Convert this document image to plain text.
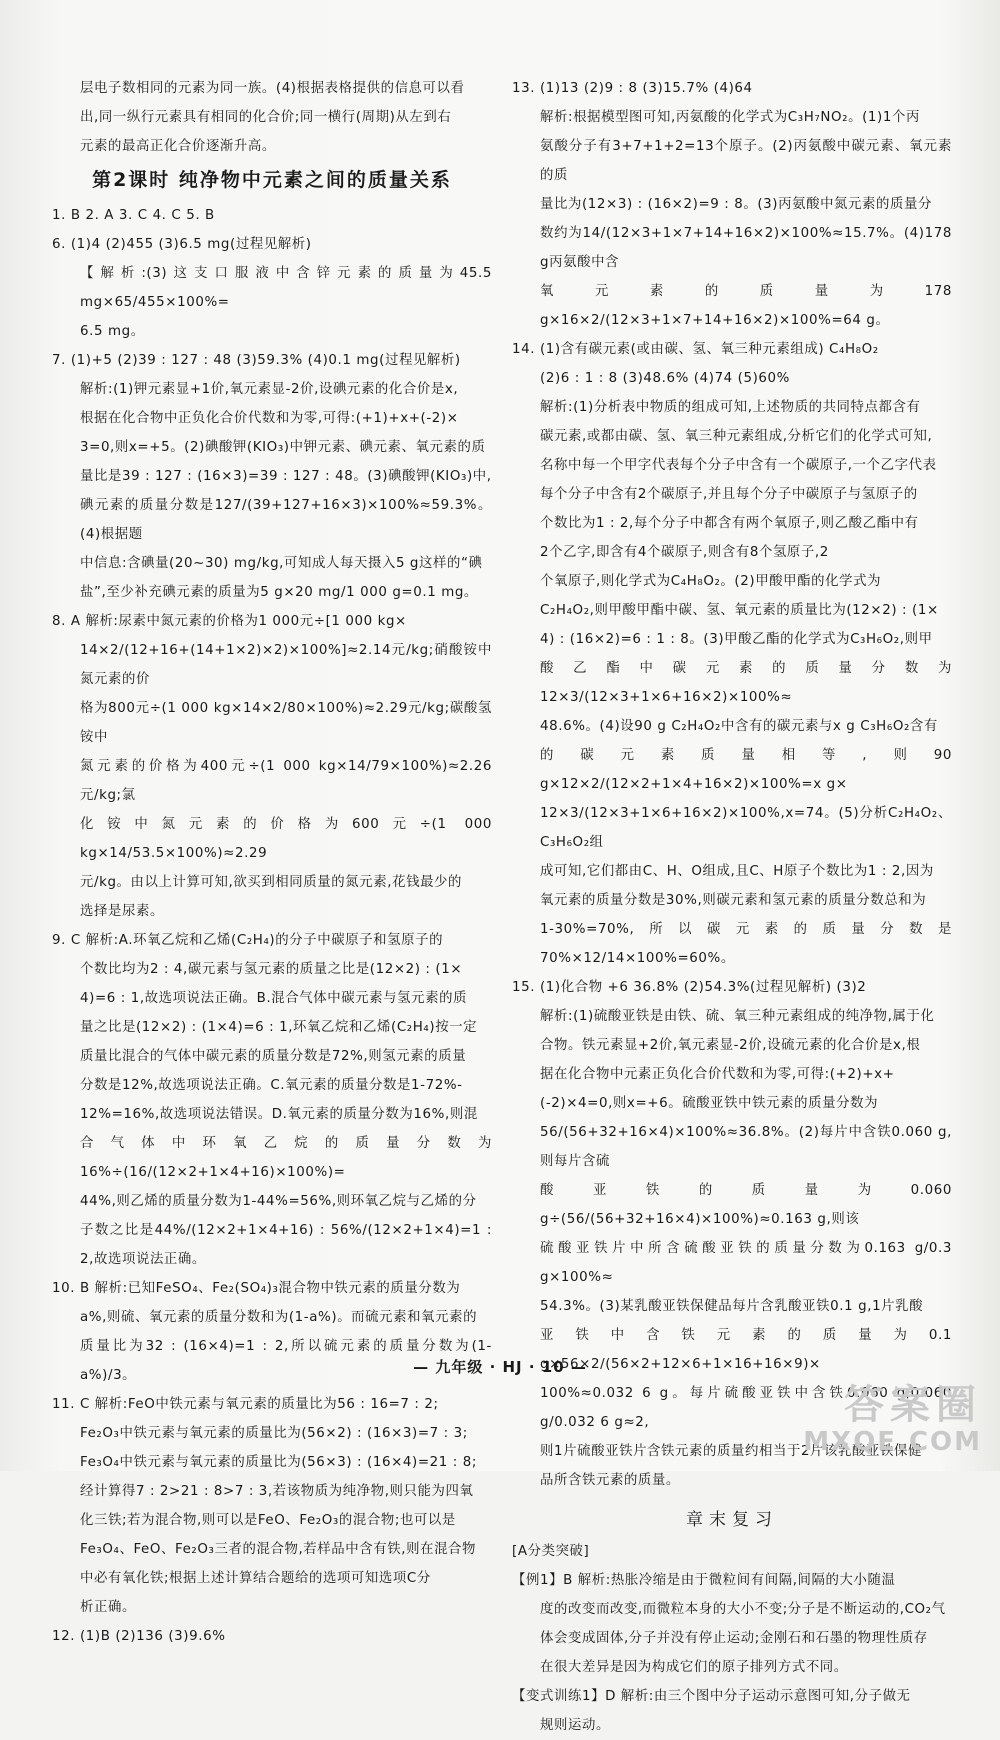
层电子数相同的元素为同一族。(4)根据表格提供的信息可以看
出,同一纵行元素具有相同的化合价;同一横行(周期)从左到右
元素的最高正化合价逐渐升高。
第2课时 纯净物中元素之间的质量关系
1. B 2. A 3. C 4. C 5. B
6. (1)4 (2)455 (3)6.5 mg(过程见解析)
【解析:(3)这支口服液中含锌元素的质量为45.5 mg×65/455×100%=
6.5 mg。
7. (1)+5 (2)39 : 127 : 48 (3)59.3% (4)0.1 mg(过程见解析)
解析:(1)钾元素显+1价,氧元素显-2价,设碘元素的化合价是x,
根据在化合物中正负化合价代数和为零,可得:(+1)+x+(-2)×
3=0,则x=+5。(2)碘酸钾(KIO₃)中钾元素、碘元素、氧元素的质
量比是39 : 127 : (16×3)=39 : 127 : 48。(3)碘酸钾(KIO₃)中,
碘元素的质量分数是127/(39+127+16×3)×100%≈59.3%。(4)根据题
中信息:含碘量(20~30) mg/kg,可知成人每天摄入5 g这样的“碘
盐”,至少补充碘元素的质量为5 g×20 mg/1 000 g=0.1 mg。
8. A 解析:尿素中氮元素的价格为1 000元÷[1 000 kg×
14×2/(12+16+(14+1×2)×2)×100%]≈2.14元/kg;硝酸铵中氮元素的价
格为800元÷(1 000 kg×14×2/80×100%)≈2.29元/kg;碳酸氢铵中
氮元素的价格为400元÷(1 000 kg×14/79×100%)≈2.26元/kg;氯
化铵中氮元素的价格为600元÷(1 000 kg×14/53.5×100%)≈2.29
元/kg。由以上计算可知,欲买到相同质量的氮元素,花钱最少的
选择是尿素。
9. C 解析:A.环氧乙烷和乙烯(C₂H₄)的分子中碳原子和氢原子的
个数比均为2 : 4,碳元素与氢元素的质量之比是(12×2) : (1×
4)=6 : 1,故选项说法正确。B.混合气体中碳元素与氢元素的质
量之比是(12×2) : (1×4)=6 : 1,环氧乙烷和乙烯(C₂H₄)按一定
质量比混合的气体中碳元素的质量分数是72%,则氢元素的质量
分数是12%,故选项说法正确。C.氧元素的质量分数是1-72%-
12%=16%,故选项说法错误。D.氧元素的质量分数为16%,则混
合气体中环氧乙烷的质量分数为16%÷(16/(12×2+1×4+16)×100%)=
44%,则乙烯的质量分数为1-44%=56%,则环氧乙烷与乙烯的分
子数之比是44%/(12×2+1×4+16) : 56%/(12×2+1×4)=1 : 2,故选项说法正确。
10. B 解析:已知FeSO₄、Fe₂(SO₄)₃混合物中铁元素的质量分数为
a%,则硫、氧元素的质量分数和为(1-a%)。而硫元素和氧元素的
质量比为32 : (16×4)=1 : 2,所以硫元素的质量分数为(1-a%)/3。
11. C 解析:FeO中铁元素与氧元素的质量比为56 : 16=7 : 2;
Fe₂O₃中铁元素与氧元素的质量比为(56×2) : (16×3)=7 : 3;
Fe₃O₄中铁元素与氧元素的质量比为(56×3) : (16×4)=21 : 8;
经计算得7 : 2>21 : 8>7 : 3,若该物质为纯净物,则只能为四氧
化三铁;若为混合物,则可以是FeO、Fe₂O₃的混合物;也可以是
Fe₃O₄、FeO、Fe₂O₃三者的混合物,若样品中含有铁,则在混合物
中必有氧化铁;根据上述计算结合题给的选项可知选项C分
析正确。
12. (1)B (2)136 (3)9.6%
13. (1)13 (2)9 : 8 (3)15.7% (4)64
解析:根据模型图可知,丙氨酸的化学式为C₃H₇NO₂。(1)1个丙
氨酸分子有3+7+1+2=13个原子。(2)丙氨酸中碳元素、氧元素的质
量比为(12×3) : (16×2)=9 : 8。(3)丙氨酸中氮元素的质量分
数约为14/(12×3+1×7+14+16×2)×100%≈15.7%。(4)178 g丙氨酸中含
氧元素的质量为178 g×16×2/(12×3+1×7+14+16×2)×100%=64 g。
14. (1)含有碳元素(或由碳、氢、氧三种元素组成) C₄H₈O₂
(2)6 : 1 : 8 (3)48.6% (4)74 (5)60%
解析:(1)分析表中物质的组成可知,上述物质的共同特点都含有
碳元素,或都由碳、氢、氧三种元素组成,分析它们的化学式可知,
名称中每一个甲字代表每个分子中含有一个碳原子,一个乙字代表
每个分子中含有2个碳原子,并且每个分子中碳原子与氢原子的
个数比为1 : 2,每个分子中都含有两个氧原子,则乙酸乙酯中有
2个乙字,即含有4个碳原子,则含有8个氢原子,2
个氧原子,则化学式为C₄H₈O₂。(2)甲酸甲酯的化学式为
C₂H₄O₂,则甲酸甲酯中碳、氢、氧元素的质量比为(12×2) : (1×
4) : (16×2)=6 : 1 : 8。(3)甲酸乙酯的化学式为C₃H₆O₂,则甲
酸乙酯中碳元素的质量分数为12×3/(12×3+1×6+16×2)×100%≈
48.6%。(4)设90 g C₂H₄O₂中含有的碳元素与x g C₃H₆O₂含有
的碳元素质量相等,则90 g×12×2/(12×2+1×4+16×2)×100%=x g×
12×3/(12×3+1×6+16×2)×100%,x=74。(5)分析C₂H₄O₂、C₃H₆O₂组
成可知,它们都由C、H、O组成,且C、H原子个数比为1 : 2,因为
氧元素的质量分数是30%,则碳元素和氢元素的质量分数总和为
1-30%=70%,所以碳元素的质量分数是70%×12/14×100%=60%。
15. (1)化合物 +6 36.8% (2)54.3%(过程见解析) (3)2
解析:(1)硫酸亚铁是由铁、硫、氧三种元素组成的纯净物,属于化
合物。铁元素显+2价,氧元素显-2价,设硫元素的化合价是x,根
据在化合物中元素正负化合价代数和为零,可得:(+2)+x+
(-2)×4=0,则x=+6。硫酸亚铁中铁元素的质量分数为
56/(56+32+16×4)×100%≈36.8%。(2)每片中含铁0.060 g,则每片含硫
酸亚铁的质量为0.060 g÷(56/(56+32+16×4)×100%)≈0.163 g,则该
硫酸亚铁片中所含硫酸亚铁的质量分数为0.163 g/0.3 g×100%≈
54.3%。(3)某乳酸亚铁保健品每片含乳酸亚铁0.1 g,1片乳酸
亚铁中含铁元素的质量为0.1 g×56×2/(56×2+12×6+1×16+16×9)×
100%≈0.032 6 g。每片硫酸亚铁中含铁0.060 g,0.060 g/0.032 6 g≈2,
则1片硫酸亚铁片含铁元素的质量约相当于2片该乳酸亚铁保健
品所含铁元素的质量。
章末复习
[A分类突破]
【例1】B 解析:热胀冷缩是由于微粒间有间隔,间隔的大小随温
度的改变而改变,而微粒本身的大小不变;分子是不断运动的,CO₂气
体会变成固体,分子并没有停止运动;金刚石和石墨的物理性质存
在很大差异是因为构成它们的原子排列方式不同。
【变式训练1】D 解析:由三个图中分子运动示意图可知,分子做无
规则运动。
— 九年级 · HJ · 10 —
答案圈
MXQE.COM
